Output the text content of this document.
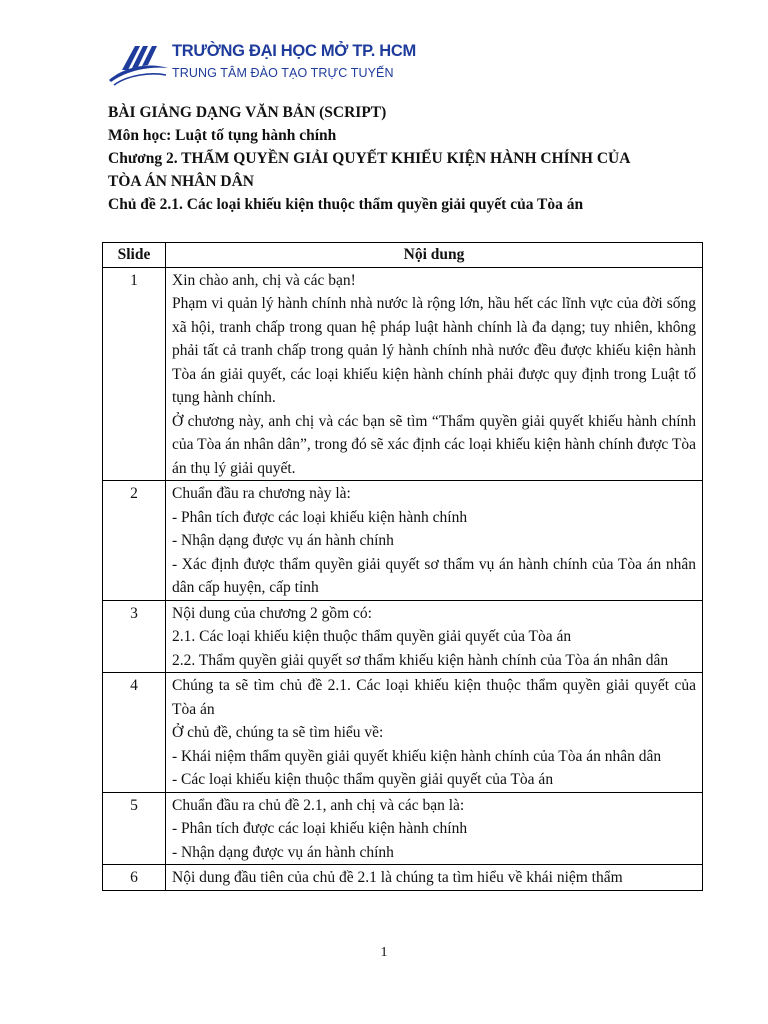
TRƯỜNG ĐẠI HỌC MỞ TP. HCM
TRUNG TÂM ĐÀO TẠO TRỰC TUYẾN

BÀI GIẢNG DẠNG VĂN BẢN (SCRIPT)

Môn học: Luật tố tụng hành chính

Chương 2. THẨM QUYỀN GIẢI QUYẾT KHIẾU KIỆN HÀNH CHÍNH CỦA

TÒA ÁN NHÂN DÂN

Chủ đề 2.1. Các loại khiếu kiện thuộc thẩm quyền giải quyết của Tòa án

Slide	Nội dung
1	Xin chào anh, chị và các bạn!
Phạm vi quản lý hành chính nhà nước là rộng lớn, hầu hết các lĩnh vực của đời sống xã hội, tranh chấp trong quan hệ pháp luật hành chính là đa dạng; tuy nhiên, không phải tất cả tranh chấp trong quản lý hành chính nhà nước đều được khiếu kiện hành Tòa án giải quyết, các loại khiếu kiện hành chính phải được quy định trong Luật tố tụng hành chính.
Ở chương này, anh chị và các bạn sẽ tìm “Thẩm quyền giải quyết khiếu hành chính của Tòa án nhân dân”, trong đó sẽ xác định các loại khiếu kiện hành chính được Tòa án thụ lý giải quyết.

2	Chuẩn đầu ra chương này là:
- Phân tích được các loại khiếu kiện hành chính
- Nhận dạng được vụ án hành chính
- Xác định được thẩm quyền giải quyết sơ thẩm vụ án hành chính của Tòa án nhân dân cấp huyện, cấp tỉnh

3	Nội dung của chương 2 gồm có:
2.1. Các loại khiếu kiện thuộc thẩm quyền giải quyết của Tòa án
2.2. Thẩm quyền giải quyết sơ thẩm khiếu kiện hành chính của Tòa án nhân dân

4	Chúng ta sẽ tìm chủ đề 2.1. Các loại khiếu kiện thuộc thẩm quyền giải quyết của Tòa án
Ở chủ đề, chúng ta sẽ tìm hiểu về:
- Khái niệm thẩm quyền giải quyết khiếu kiện hành chính của Tòa án nhân dân
- Các loại khiếu kiện thuộc thẩm quyền giải quyết của Tòa án

5	Chuẩn đầu ra chủ đề 2.1, anh chị và các bạn là:
- Phân tích được các loại khiếu kiện hành chính
- Nhận dạng được vụ án hành chính

6	Nội dung đầu tiên của chủ đề 2.1 là chúng ta tìm hiểu về khái niệm thẩm
1
